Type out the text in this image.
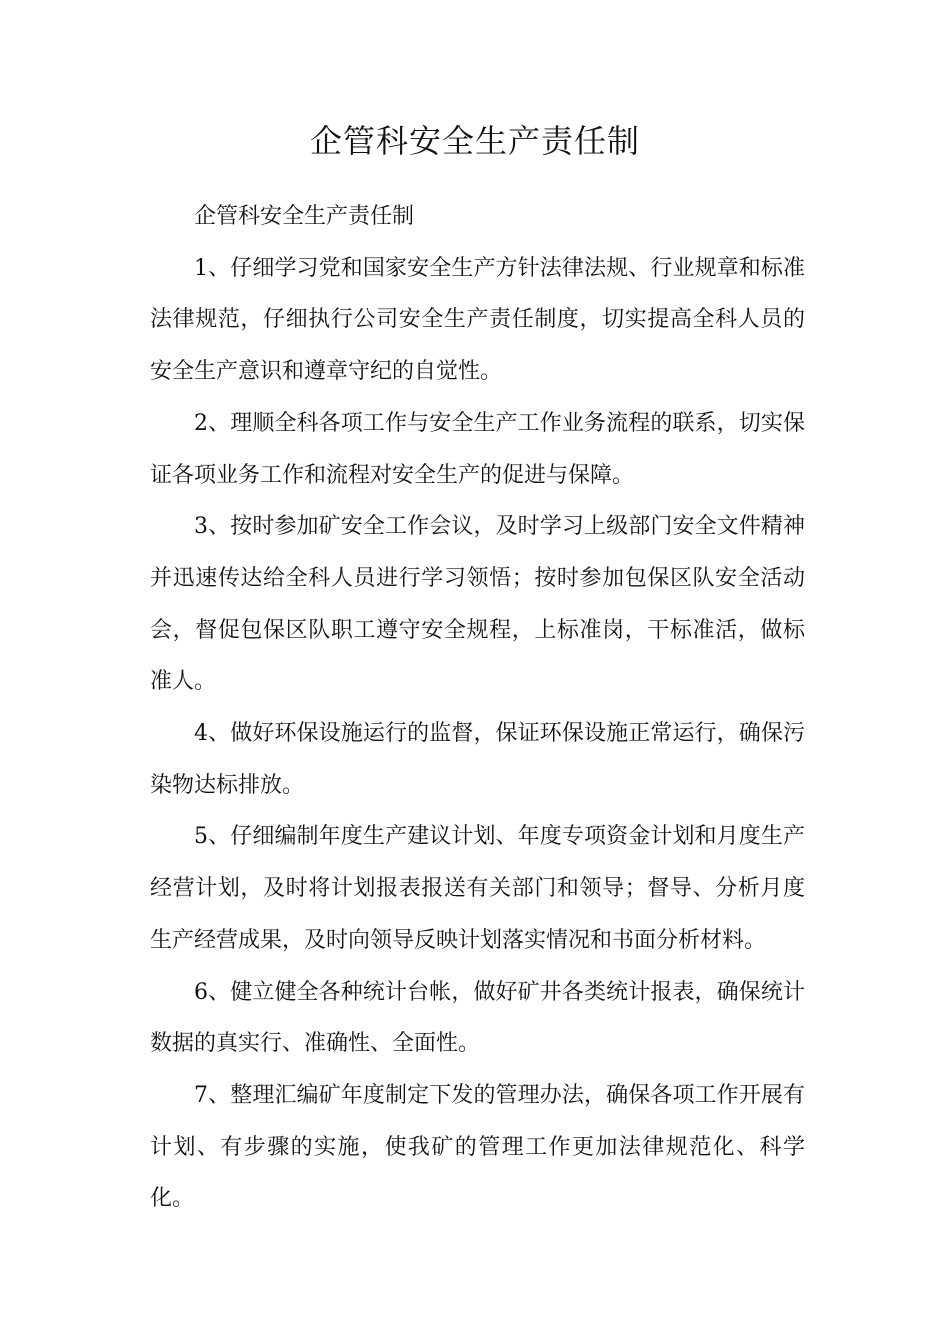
企管科安全生产责任制

企管科安全生产责任制

1、仔细学习党和国家安全生产方针法律法规、行业规章和标准法律规范，仔细执行公司安全生产责任制度，切实提高全科人员的安全生产意识和遵章守纪的自觉性。

2、理顺全科各项工作与安全生产工作业务流程的联系，切实保证各项业务工作和流程对安全生产的促进与保障。

3、按时参加矿安全工作会议，及时学习上级部门安全文件精神并迅速传达给全科人员进行学习领悟；按时参加包保区队安全活动会，督促包保区队职工遵守安全规程，上标准岗，干标准活，做标准人。

4、做好环保设施运行的监督，保证环保设施正常运行，确保污染物达标排放。

5、仔细编制年度生产建议计划、年度专项资金计划和月度生产经营计划，及时将计划报表报送有关部门和领导；督导、分析月度生产经营成果，及时向领导反映计划落实情况和书面分析材料。

6、健立健全各种统计台帐，做好矿井各类统计报表，确保统计数据的真实行、准确性、全面性。

7、整理汇编矿年度制定下发的管理办法，确保各项工作开展有计划、有步骤的实施，使我矿的管理工作更加法律规范化、科学化。
